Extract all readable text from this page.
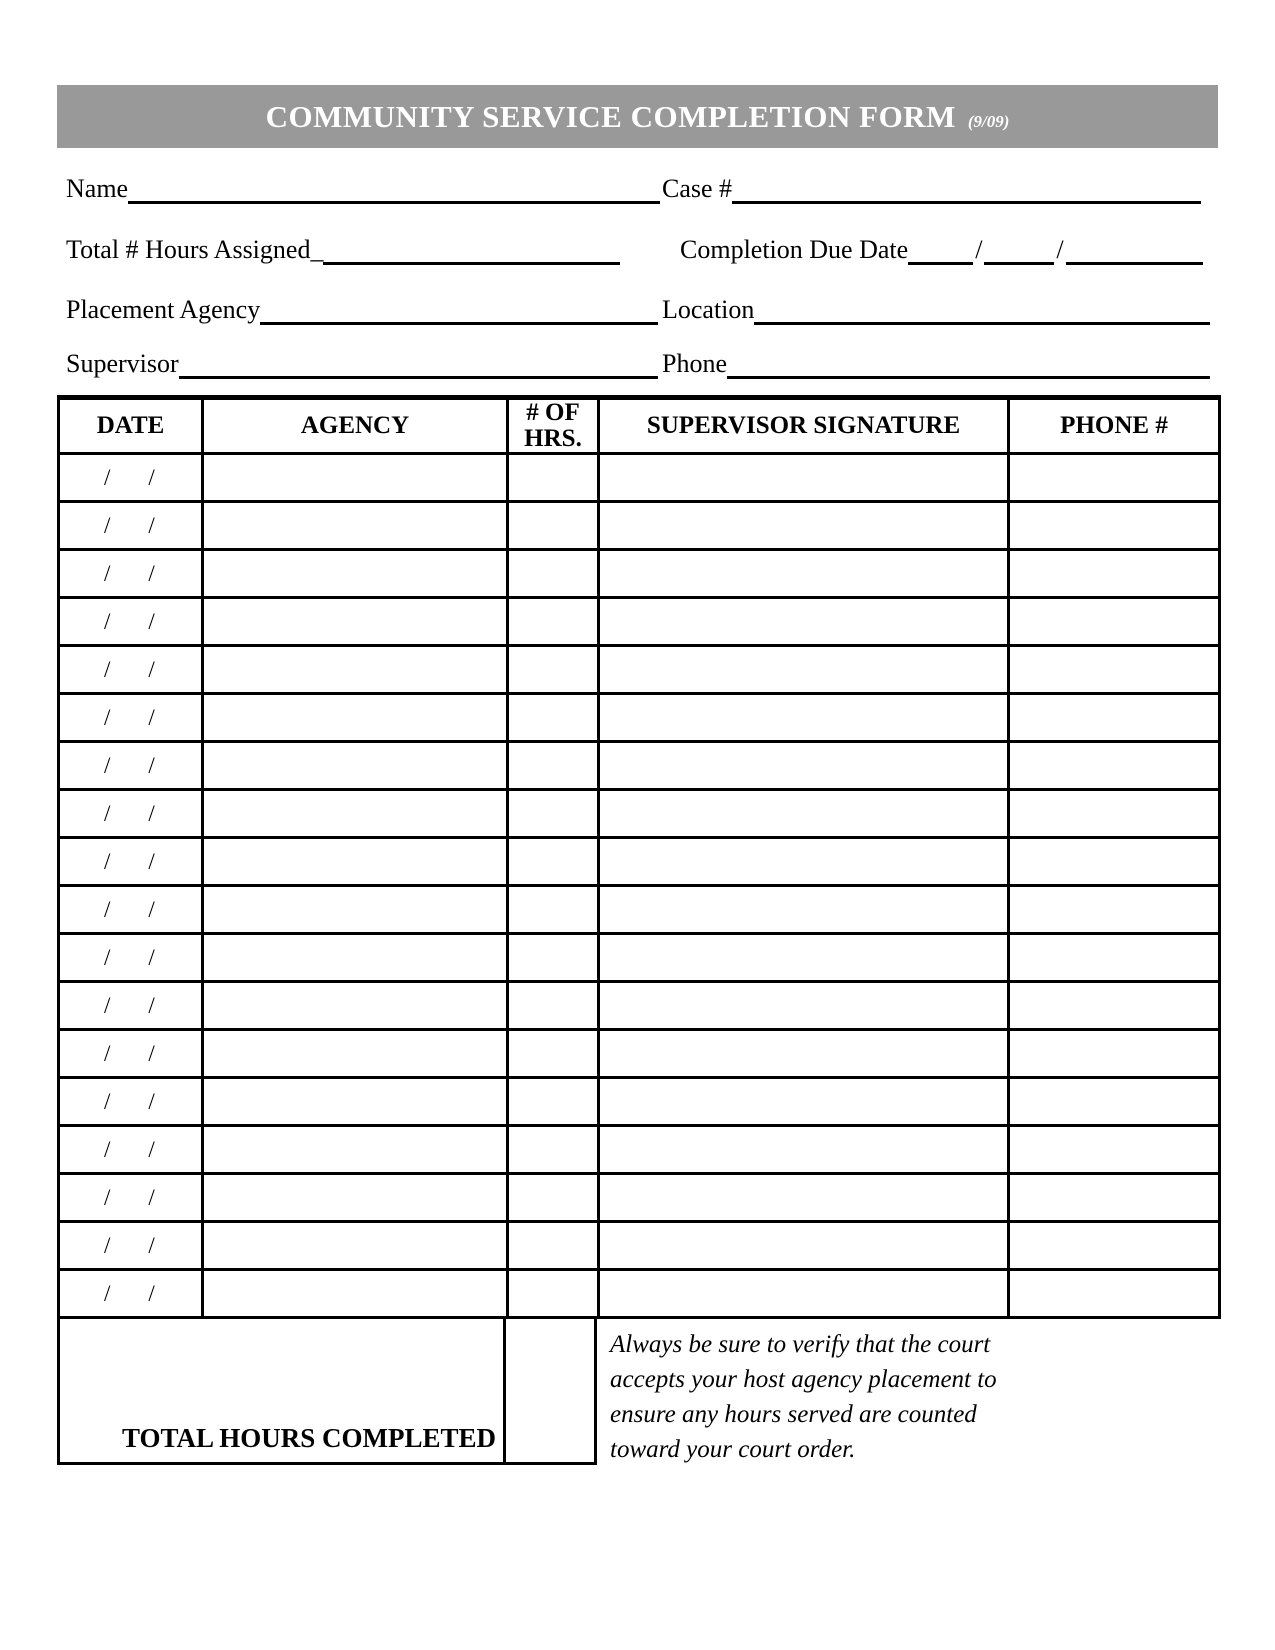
COMMUNITY SERVICE COMPLETION FORM (9/09)
Name	Case #
Total # Hours Assigned_	Completion Due Date	/	/
Placement Agency	Location
Supervisor	Phone
DATE	AGENCY	# OF HRS.	SUPERVISOR SIGNATURE	PHONE #

/ /				

/ /				

/ /				

/ /				

/ /				

/ /				

/ /				

/ /				

/ /				

/ /				

/ /				

/ /				

/ /				

/ /				

/ /				

/ /				

/ /				

/ /				

TOTAL HOURS COMPLETED
Always be sure to verify that the court
accepts your host agency placement to
ensure any hours served are counted
toward your court order.
